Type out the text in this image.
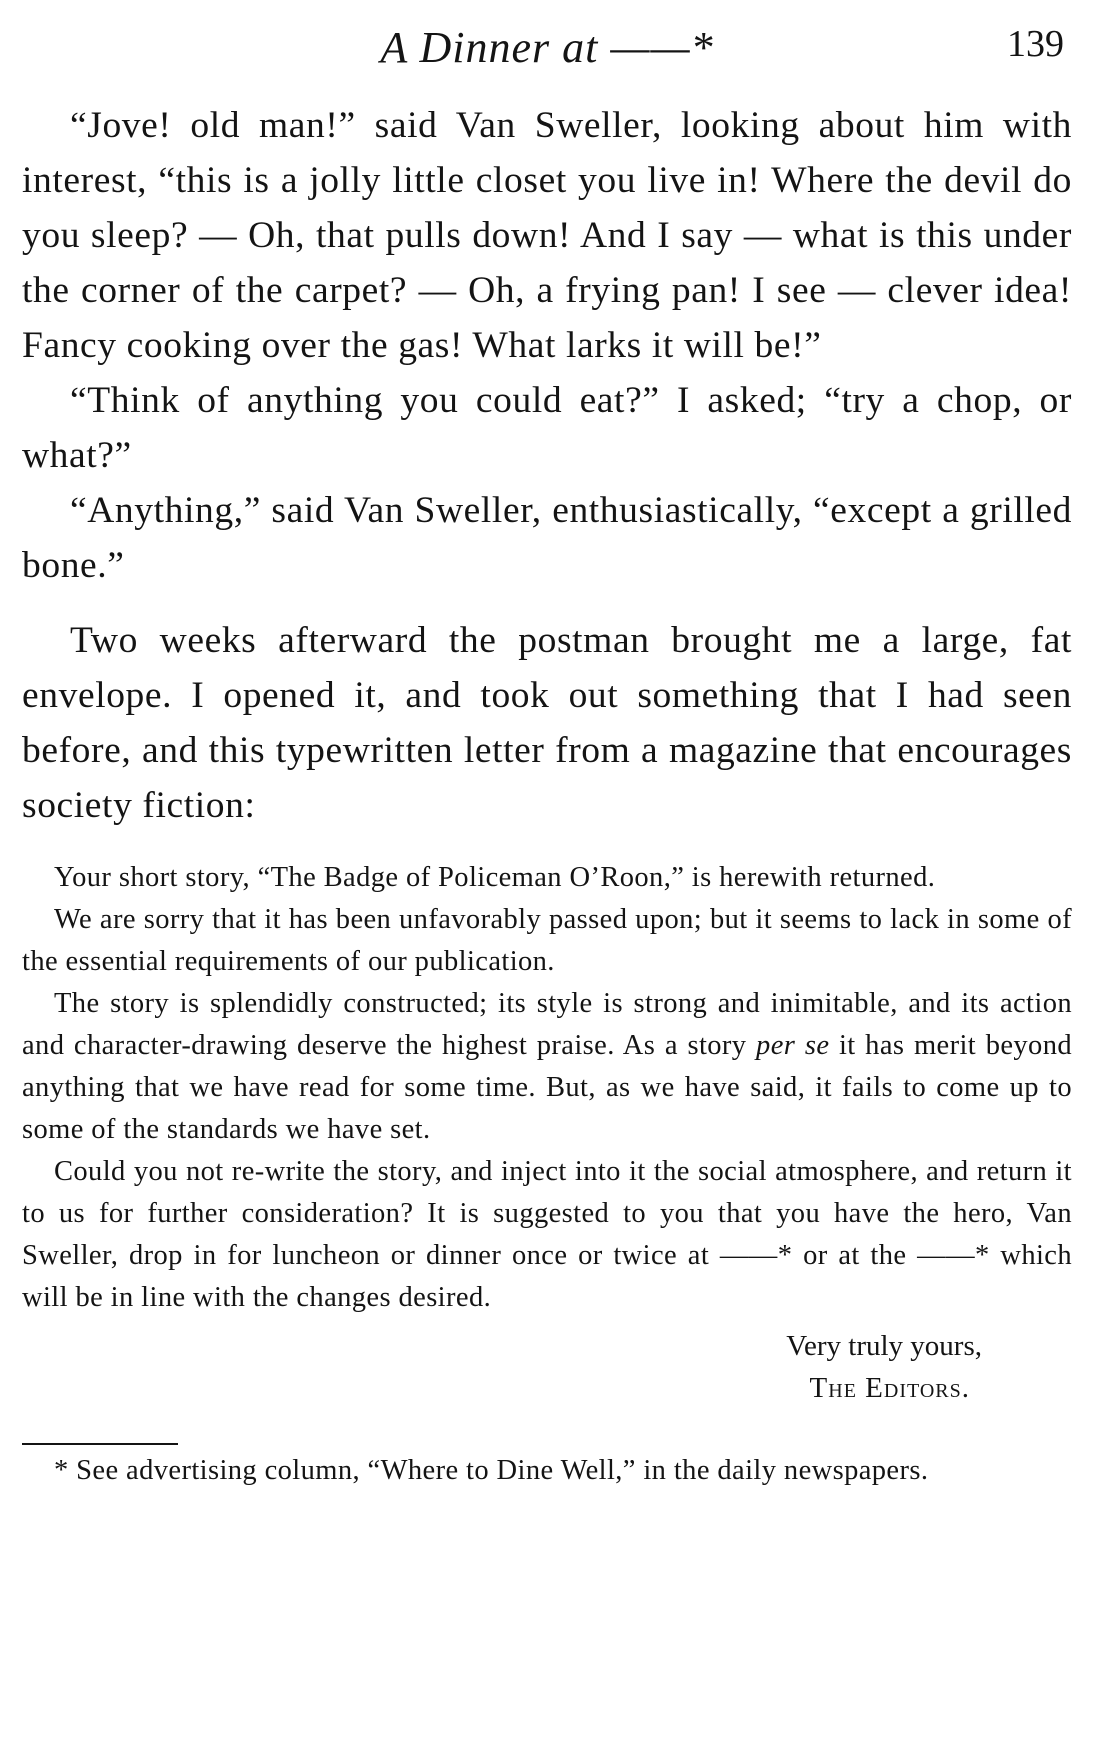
A Dinner at ——*	139

“Jove! old man!” said Van Sweller, looking about him with interest, “this is a jolly little closet you live in! Where the devil do you sleep? — Oh, that pulls down! And I say — what is this under the corner of the carpet? — Oh, a frying pan! I see — clever idea! Fancy cooking over the gas! What larks it will be!”

“Think of anything you could eat?” I asked; “try a chop, or what?”

“Anything,” said Van Sweller, enthusiastically, “except a grilled bone.”

Two weeks afterward the postman brought me a large, fat envelope. I opened it, and took out something that I had seen before, and this typewritten letter from a magazine that encourages society fiction:

Your short story, “The Badge of Policeman O’Roon,” is herewith returned.

We are sorry that it has been unfavorably passed upon; but it seems to lack in some of the essential requirements of our publication.

The story is splendidly constructed; its style is strong and inimitable, and its action and character-drawing deserve the highest praise. As a story per se it has merit beyond anything that we have read for some time. But, as we have said, it fails to come up to some of the standards we have set.

Could you not re-write the story, and inject into it the social atmosphere, and return it to us for further consideration? It is suggested to you that you have the hero, Van Sweller, drop in for luncheon or dinner once or twice at ——* or at the ——* which will be in line with the changes desired.

Very truly yours,
The Editors.

* See advertising column, “Where to Dine Well,” in the daily newspapers.
